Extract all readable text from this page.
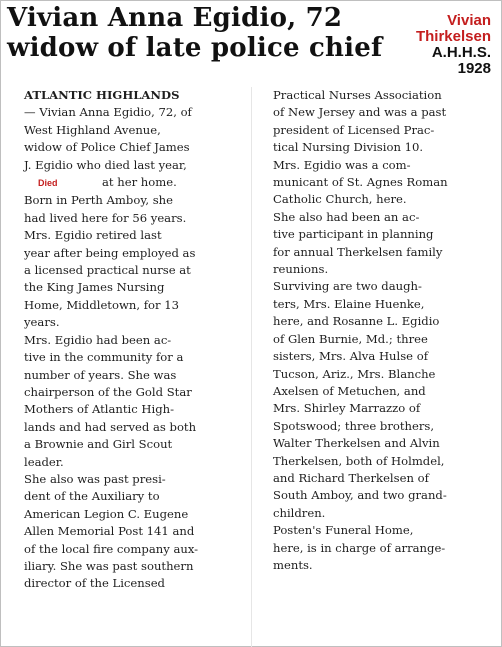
Vivian Anna Egidio, 72
widow of late police chief
Vivian
Thirkelsen
A.H.H.S.
1928

ATLANTIC HIGHLANDS
— Vivian Anna Egidio, 72, of
West Highland Avenue,
widow of Police Chief James
J. Egidio who died last year,

Died	at her home.

Born in Perth Amboy, she
had lived here for 56 years.

Mrs. Egidio retired last
year after being employed as
a licensed practical nurse at
the King James Nursing
Home, Middletown, for 13
years.

Mrs. Egidio had been ac-
tive in the community for a
number of years. She was
chairperson of the Gold Star
Mothers of Atlantic High-
lands and had served as both
a Brownie and Girl Scout
leader.

She also was past presi-
dent of the Auxiliary to
American Legion C. Eugene
Allen Memorial Post 141 and
of the local fire company aux-
iliary. She was past southern
director of the Licensed

Practical Nurses Association
of New Jersey and was a past
president of Licensed Prac-
tical Nursing Division 10.

Mrs. Egidio was a com-
municant of St. Agnes Roman
Catholic Church, here.

She also had been an ac-
tive participant in planning
for annual Therkelsen family
reunions.

Surviving are two daugh-
ters, Mrs. Elaine Huenke,
here, and Rosanne L. Egidio
of Glen Burnie, Md.; three
sisters, Mrs. Alva Hulse of
Tucson, Ariz., Mrs. Blanche
Axelsen of Metuchen, and
Mrs. Shirley Marrazzo of
Spotswood; three brothers,
Walter Therkelsen and Alvin
Therkelsen, both of Holmdel,
and Richard Therkelsen of
South Amboy, and two grand-
children.

Posten's Funeral Home,
here, is in charge of arrange-
ments.
